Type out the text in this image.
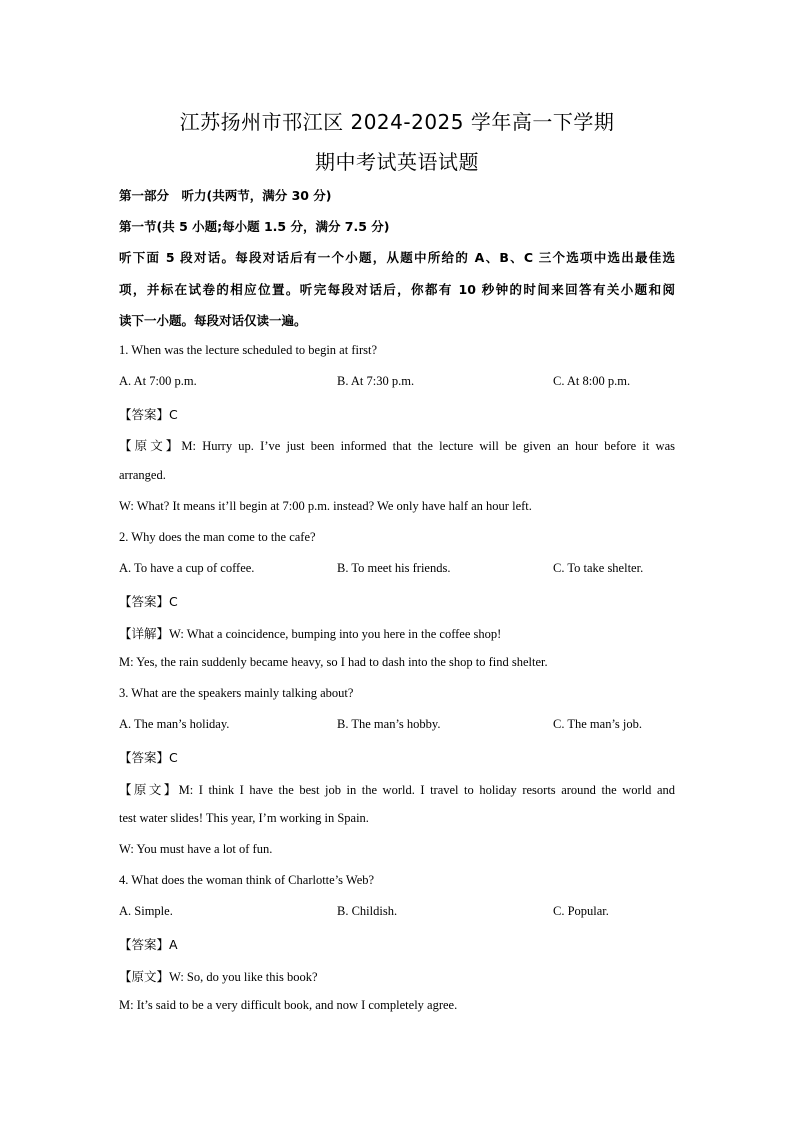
江苏扬州市邗江区 2024-2025 学年高一下学期
期中考试英语试题
第一部分　听力(共两节，满分 30 分)
第一节(共 5 小题;每小题 1.5 分，满分 7.5 分)
听下面 5 段对话。每段对话后有一个小题，从题中所给的 A、B、C 三个选项中选出最佳选
项，并标在试卷的相应位置。听完每段对话后，你都有 10 秒钟的时间来回答有关小题和阅
读下一小题。每段对话仅读一遍。
1. When was the lecture scheduled to begin at first?
A. At 7:00 p.m.	B. At 7:30 p.m.	C. At 8:00 p.m.
【答案】C
【原文】M: Hurry up. I’ve just been informed that the lecture will be given an hour before it was
arranged.
W: What? It means it’ll begin at 7:00 p.m. instead? We only have half an hour left.
2. Why does the man come to the cafe?
A. To have a cup of coffee.	B. To meet his friends.	C. To take shelter.
【答案】C
【详解】W: What a coincidence, bumping into you here in the coffee shop!
M: Yes, the rain suddenly became heavy, so I had to dash into the shop to find shelter.
3. What are the speakers mainly talking about?
A. The man’s holiday.	B. The man’s hobby.	C. The man’s job.
【答案】C
【原文】M: I think I have the best job in the world. I travel to holiday resorts around the world and
test water slides! This year, I’m working in Spain.
W: You must have a lot of fun.
4. What does the woman think of Charlotte’s Web?
A. Simple.	B. Childish.	C. Popular.
【答案】A
【原文】W: So, do you like this book?
M: It’s said to be a very difficult book, and now I completely agree.
